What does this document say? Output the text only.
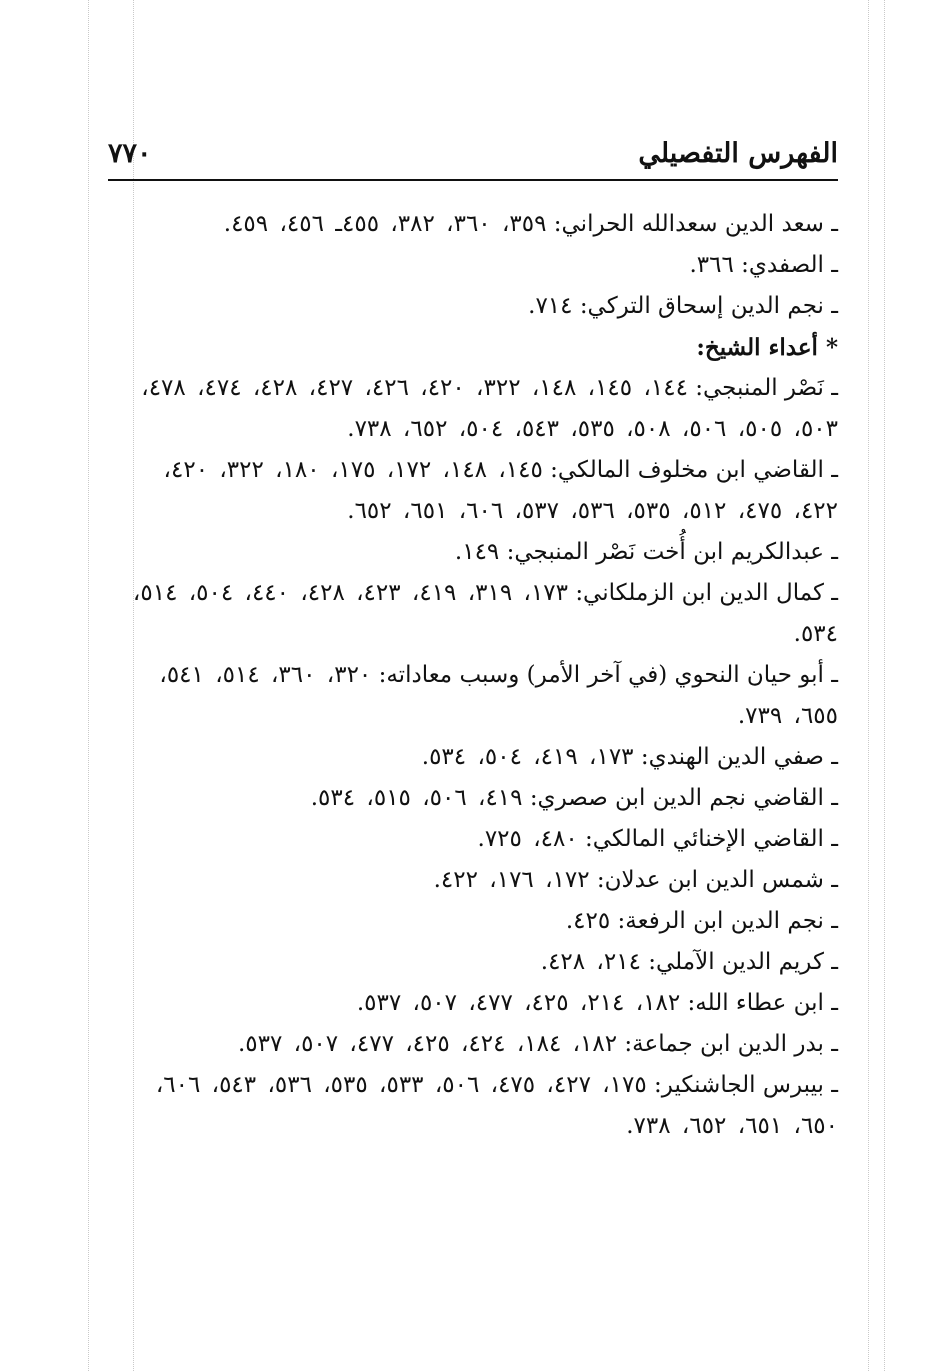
الفهرس التفصيلي
٧٧٠

ـ سعد الدين سعدالله الحراني: ٣٥٩، ٣٦٠، ٣٨٢، ٤٥٥ـ ٤٥٦، ٤٥٩.

ـ الصفدي: ٣٦٦.

ـ نجم الدين إسحاق التركي: ٧١٤.

* أعداء الشيخ:

ـ نَصْر المنبجي: ١٤٤، ١٤٥، ١٤٨، ٣٢٢، ٤٢٠، ٤٢٦، ٤٢٧، ٤٢٨، ٤٧٤، ٤٧٨، ٥٠٣، ٥٠٥، ٥٠٦، ٥٠٨، ٥٣٥، ٥٤٣، ٥٠٤، ٦٥٢، ٧٣٨.

ـ القاضي ابن مخلوف المالكي: ١٤٥، ١٤٨، ١٧٢، ١٧٥، ١٨٠، ٣٢٢، ٤٢٠، ٤٢٢، ٤٧٥، ٥١٢، ٥٣٥، ٥٣٦، ٥٣٧، ٦٠٦، ٦٥١، ٦٥٢.

ـ عبدالكريم ابن أُخت نَصْر المنبجي: ١٤٩.

ـ كمال الدين ابن الزملكاني: ١٧٣، ٣١٩، ٤١٩، ٤٢٣، ٤٢٨، ٤٤٠، ٥٠٤، ٥١٤، ٥٣٤.

ـ أبو حيان النحوي (في آخر الأمر) وسبب معاداته: ٣٢٠، ٣٦٠، ٥١٤، ٥٤١، ٦٥٥، ٧٣٩.

ـ صفي الدين الهندي: ١٧٣، ٤١٩، ٥٠٤، ٥٣٤.

ـ القاضي نجم الدين ابن صصري: ٤١٩، ٥٠٦، ٥١٥، ٥٣٤.

ـ القاضي الإخنائي المالكي: ٤٨٠، ٧٢٥.

ـ شمس الدين ابن عدلان: ١٧٢، ١٧٦، ٤٢٢.

ـ نجم الدين ابن الرفعة: ٤٢٥.

ـ كريم الدين الآملي: ٢١٤، ٤٢٨.

ـ ابن عطاء الله: ١٨٢، ٢١٤، ٤٢٥، ٤٧٧، ٥٠٧، ٥٣٧.

ـ بدر الدين ابن جماعة: ١٨٢، ١٨٤، ٤٢٤، ٤٢٥، ٤٧٧، ٥٠٧، ٥٣٧.

ـ بيبرس الجاشنكير: ١٧٥، ٤٢٧، ٤٧٥، ٥٠٦، ٥٣٣، ٥٣٥، ٥٣٦، ٥٤٣، ٦٠٦، ٦٥٠، ٦٥١، ٦٥٢، ٧٣٨.
